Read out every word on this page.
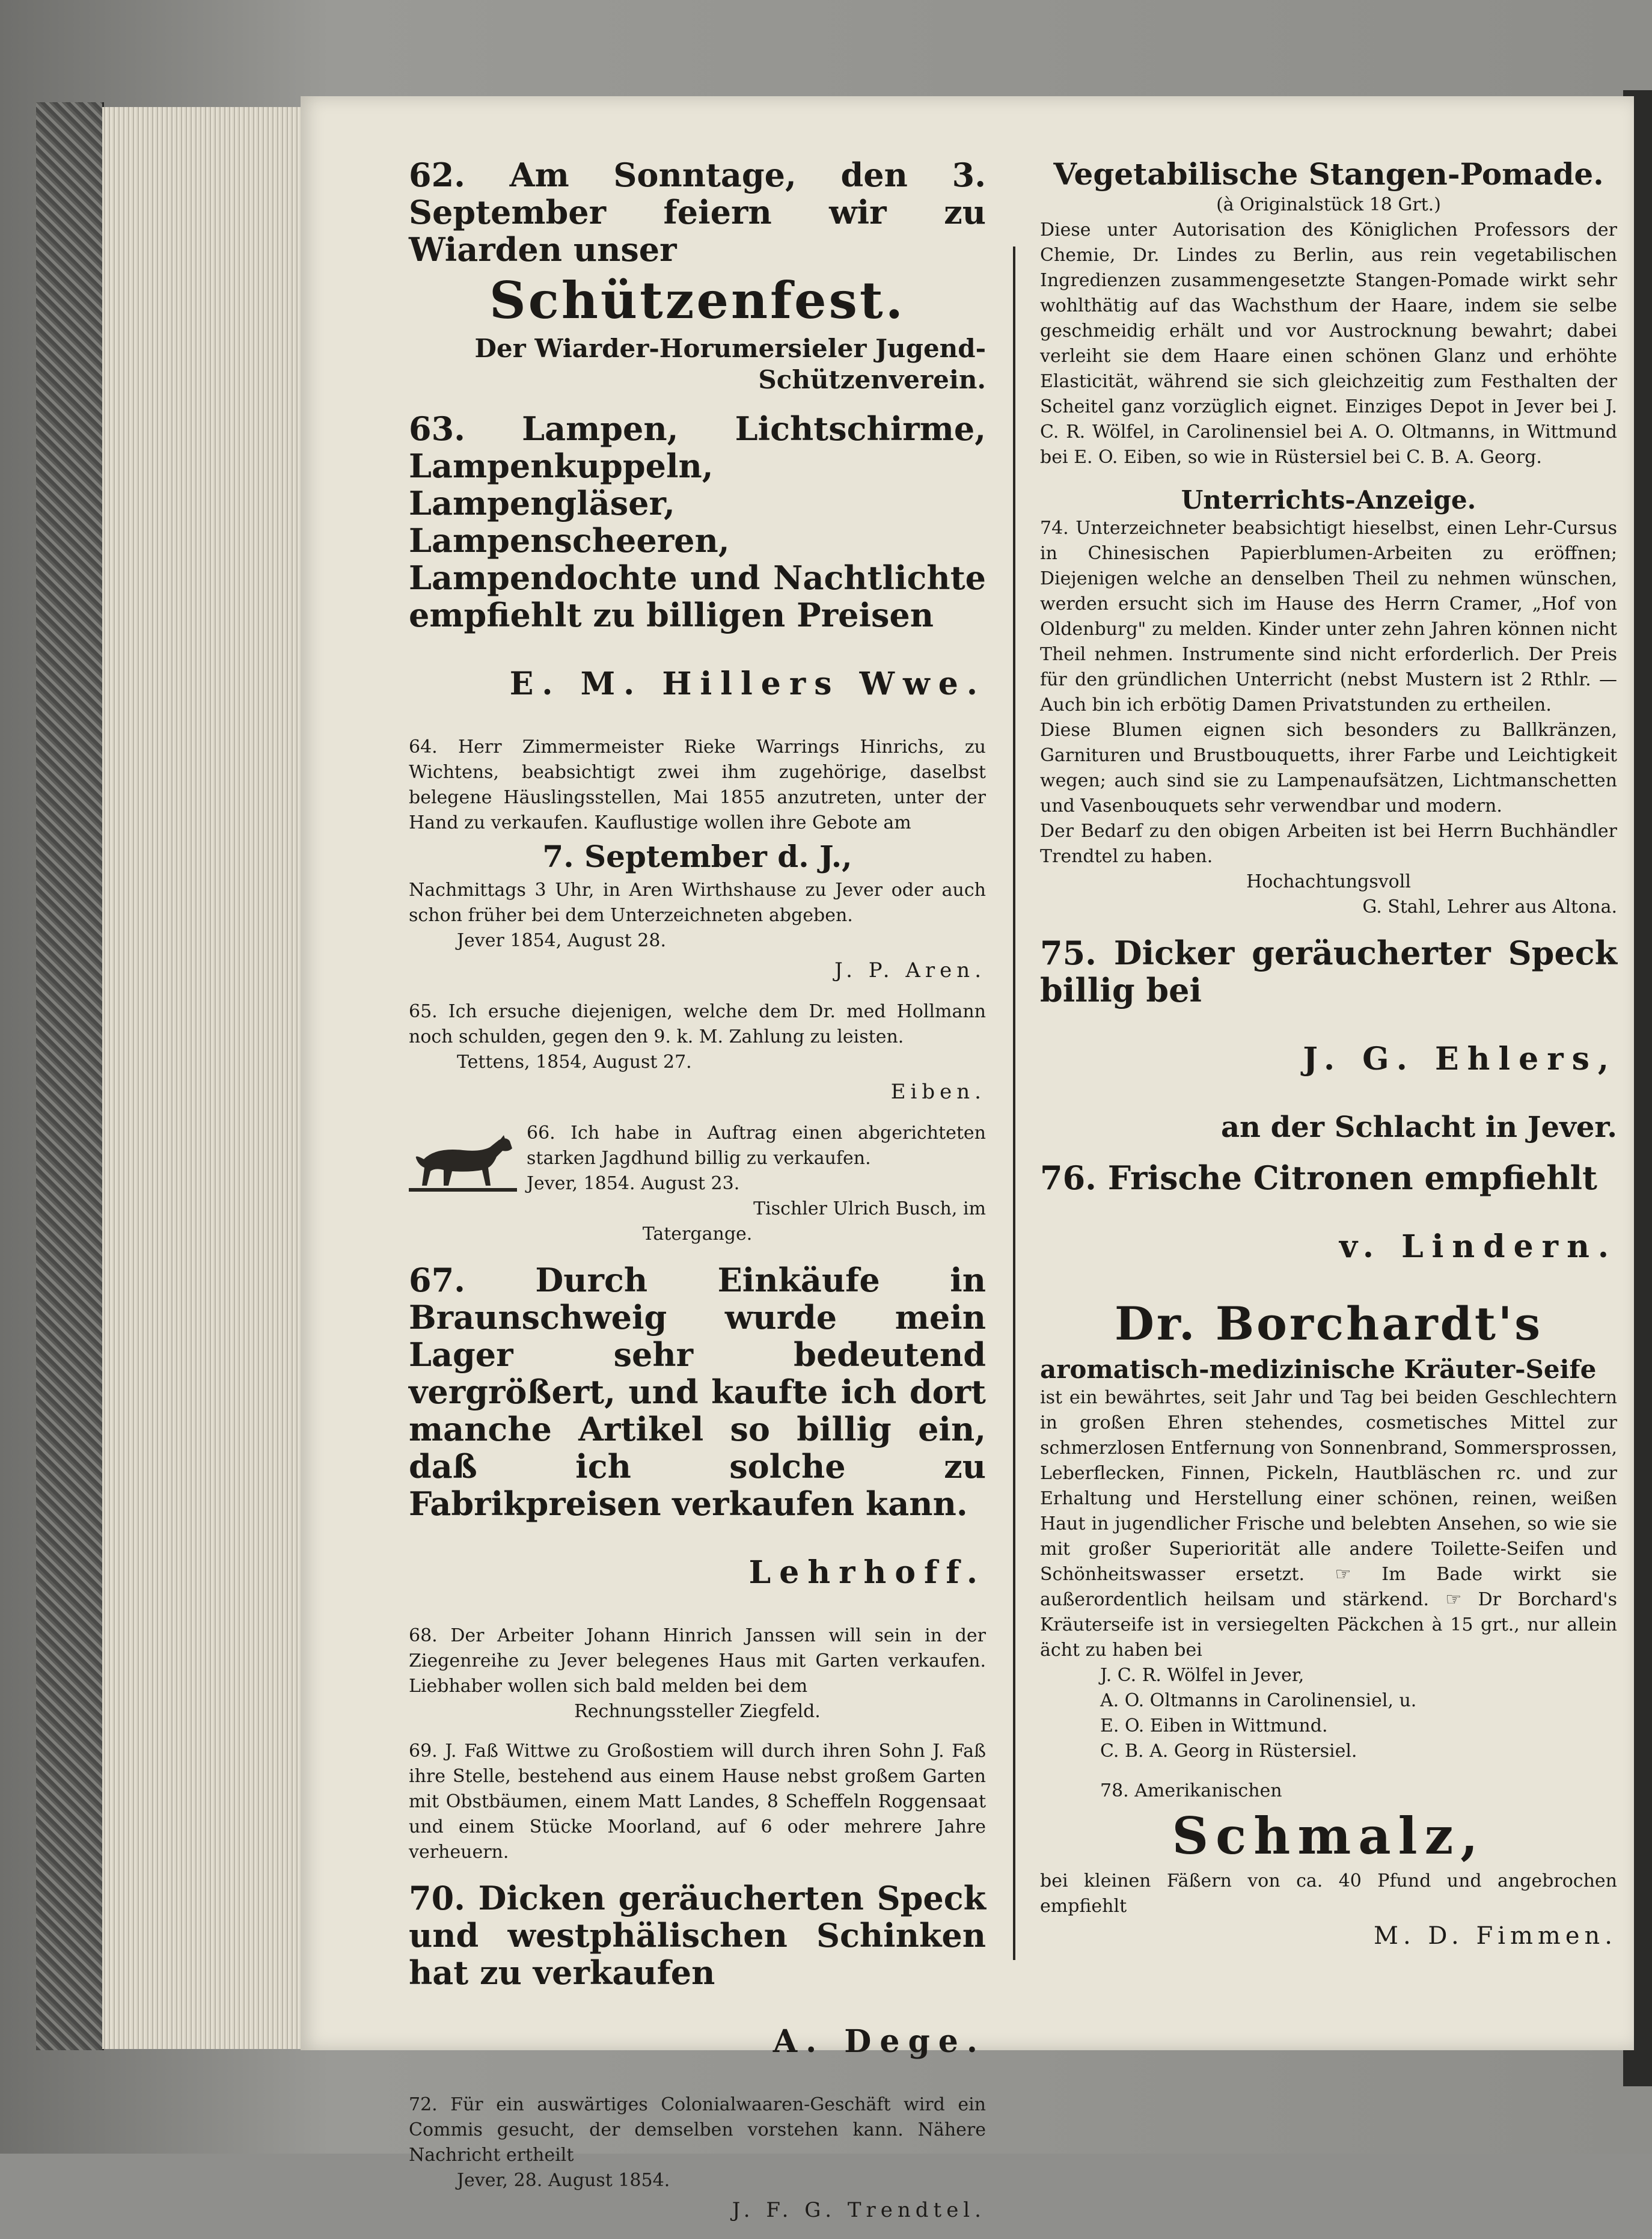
62. Am Sonntage, den 3. September feiern wir zu Wiarden unser

Schützenfest.

Der Wiarder-Horumersieler Jugend-Schützenverein.

63. Lampen, Lichtschirme, Lampenkuppeln, Lampengläser, Lampenscheeren, Lampendochte und Nachtlichte empfiehlt zu billigen Preisen

E. M. Hillers Wwe.

64. Herr Zimmermeister Rieke Warrings Hinrichs, zu Wichtens, beabsichtigt zwei ihm zugehörige, daselbst belegene Häuslingsstellen, Mai 1855 anzutreten, unter der Hand zu verkaufen. Kauflustige wollen ihre Gebote am

7. September d. J.,

Nachmittags 3 Uhr, in Aren Wirthshause zu Jever oder auch schon früher bei dem Unterzeichneten abgeben.

Jever 1854, August 28.

J. P. Aren.

65. Ich ersuche diejenigen, welche dem Dr. med Hollmann noch schulden, gegen den 9. k. M. Zahlung zu leisten.

Tettens, 1854, August 27.

Eiben.

66. Ich habe in Auftrag einen abgerichteten starken Jagdhund billig zu verkaufen.

Jever, 1854. August 23.

Tischler Ulrich Busch, im

Tatergange.

67. Durch Einkäufe in Braunschweig wurde mein Lager sehr bedeutend vergrößert, und kaufte ich dort manche Artikel so billig ein, daß ich solche zu Fabrikpreisen verkaufen kann.

Lehrhoff.

68. Der Arbeiter Johann Hinrich Janssen will sein in der Ziegenreihe zu Jever belegenes Haus mit Garten verkaufen. Liebhaber wollen sich bald melden bei dem

Rechnungssteller Ziegfeld.

69. J. Faß Wittwe zu Großostiem will durch ihren Sohn J. Faß ihre Stelle, bestehend aus einem Hause nebst großem Garten mit Obstbäumen, einem Matt Landes, 8 Scheffeln Roggensaat und einem Stücke Moorland, auf 6 oder mehrere Jahre verheuern.

70. Dicken geräucherten Speck und westphälischen Schinken hat zu verkaufen

A. Dege.

72. Für ein auswärtiges Colonialwaaren-Geschäft wird ein Commis gesucht, der demselben vorstehen kann. Nähere Nachricht ertheilt

Jever, 28. August 1854.

J. F. G. Trendtel.

Vegetabilische Stangen-Pomade.

(à Originalstück 18 Grt.)

Diese unter Autorisation des Königlichen Professors der Chemie, Dr. Lindes zu Berlin, aus rein vegetabilischen Ingredienzen zusammengesetzte Stangen-Pomade wirkt sehr wohlthätig auf das Wachsthum der Haare, indem sie selbe geschmeidig erhält und vor Austrocknung bewahrt; dabei verleiht sie dem Haare einen schönen Glanz und erhöhte Elasticität, während sie sich gleichzeitig zum Festhalten der Scheitel ganz vorzüglich eignet. Einziges Depot in Jever bei J. C. R. Wölfel, in Carolinensiel bei A. O. Oltmanns, in Wittmund bei E. O. Eiben, so wie in Rüstersiel bei C. B. A. Georg.

Unterrichts-Anzeige.

74. Unterzeichneter beabsichtigt hieselbst, einen Lehr-Cursus in Chinesischen Papierblumen-Arbeiten zu eröffnen; Diejenigen welche an denselben Theil zu nehmen wünschen, werden ersucht sich im Hause des Herrn Cramer, „Hof von Oldenburg" zu melden. Kinder unter zehn Jahren können nicht Theil nehmen. Instrumente sind nicht erforderlich. Der Preis für den gründlichen Unterricht (nebst Mustern ist 2 Rthlr. — Auch bin ich erbötig Damen Privatstunden zu ertheilen.

Diese Blumen eignen sich besonders zu Ballkränzen, Garnituren und Brustbouquetts, ihrer Farbe und Leichtigkeit wegen; auch sind sie zu Lampenaufsätzen, Lichtmanschetten und Vasenbouquets sehr verwendbar und modern.

Der Bedarf zu den obigen Arbeiten ist bei Herrn Buchhändler Trendtel zu haben.

Hochachtungsvoll

G. Stahl, Lehrer aus Altona.

75. Dicker geräucherter Speck billig bei

J. G. Ehlers,

an der Schlacht in Jever.

76. Frische Citronen empfiehlt

v. Lindern.

Dr. Borchardt's

aromatisch-medizinische Kräuter-Seife

ist ein bewährtes, seit Jahr und Tag bei beiden Geschlechtern in großen Ehren stehendes, cosmetisches Mittel zur schmerzlosen Entfernung von Sonnenbrand, Sommersprossen, Leberflecken, Finnen, Pickeln, Hautbläschen rc. und zur Erhaltung und Herstellung einer schönen, reinen, weißen Haut in jugendlicher Frische und belebten Ansehen, so wie sie mit großer Superiorität alle andere Toilette-Seifen und Schönheitswasser ersetzt. ☞ Im Bade wirkt sie außerordentlich heilsam und stärkend. ☞ Dr Borchard's Kräuterseife ist in versiegelten Päckchen à 15 grt., nur allein ächt zu haben bei

J. C. R. Wölfel in Jever,

A. O. Oltmanns in Carolinensiel, u.

E. O. Eiben in Wittmund.

C. B. A. Georg in Rüstersiel.

78. Amerikanischen

Schmalz,

bei kleinen Fäßern von ca. 40 Pfund und angebrochen empfiehlt

M. D. Fimmen.
